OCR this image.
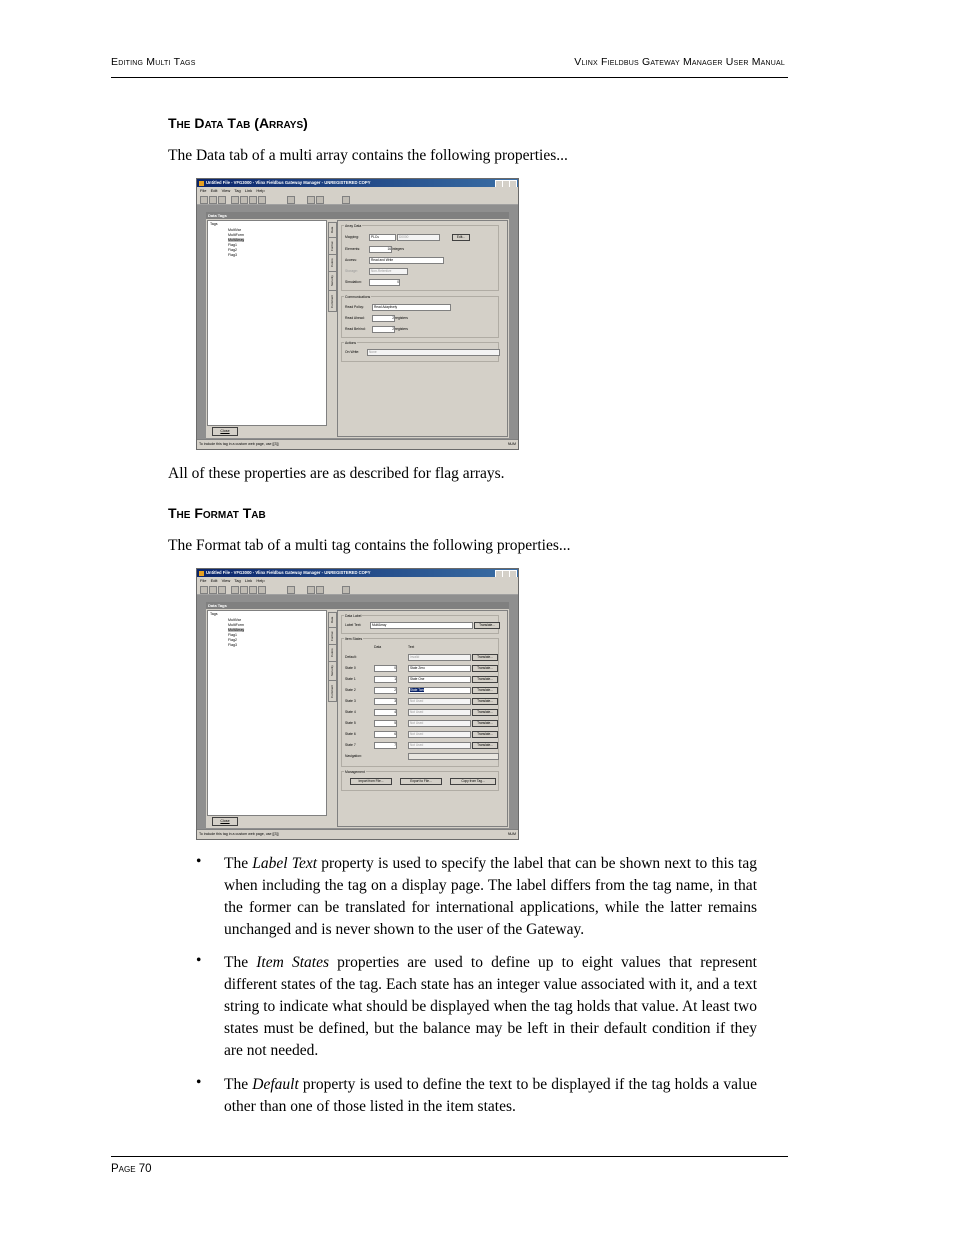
Editing Multi Tags	Vlinx Fieldbus Gateway Manager User Manual
The Data Tab (Arrays)
The Data tab of a multi array contains the following properties...
Untitled File - VFG3000 - Vlinx Fieldbus Gateway Manager - UNREGISTERED COPY
File Edit View Tag Link Help
Data Tags
Tags
MultiVar
MultiForm
MultiArray
Flag1
Flag2
Flag3
Close
Data
Format
Colors
Security
Comment
Array Data
Mapping:	PLCs	D0000	Edit...
Elements:	16 integers
Access:	Read and Write
Storage:	Non-Retentive
Simulation:	0
Communications
Read Policy:	Read Adaptively
Read Ahead:	2 registers
Read Behind:	2 registers
Actions
On Write:	None
To include this tag in a custom web page, use [[3]]	NUM
All of these properties are as described for flag arrays.
The Format Tab
The Format tab of a multi tag contains the following properties...
Untitled File - VFG3000 - Vlinx Fieldbus Gateway Manager - UNREGISTERED COPY
File Edit View Tag Link Help
Data Tags
Tags
MultiVar
MultiForm
MultiArray
Flag1
Flag2
Flag3
Close
Data
Format
Colors
Security
Comment
Data Label
Label Text:	MultiArray	Translate...
Item States
Data	Text
Default:	Invalid	Translate...
State 0	0	State Zero	Translate...
State 1	1	State One	Translate...
State 2	2	State Two	Translate...
State 3	3	Not Used	Translate...
State 4	4	Not Used	Translate...
State 5	5	Not Used	Translate...
State 6	6	Not Used	Translate...
State 7	7	Not Used	Translate...
Navigation:
Management
Import from File...	Export to File...	Copy from Tag...
To include this tag in a custom web page, use [[3]]	NUM
• The Label Text property is used to specify the label that can be shown next to this tag when including the tag on a display page. The label differs from the tag name, in that the former can be translated for international applications, while the latter remains unchanged and is never shown to the user of the Gateway.
• The Item States properties are used to define up to eight values that represent different states of the tag. Each state has an integer value associated with it, and a text string to indicate what should be displayed when the tag holds that value. At least two states must be defined, but the balance may be left in their default condition if they are not needed.
• The Default property is used to define the text to be displayed if the tag holds a value other than one of those listed in the item states.
Page 70
